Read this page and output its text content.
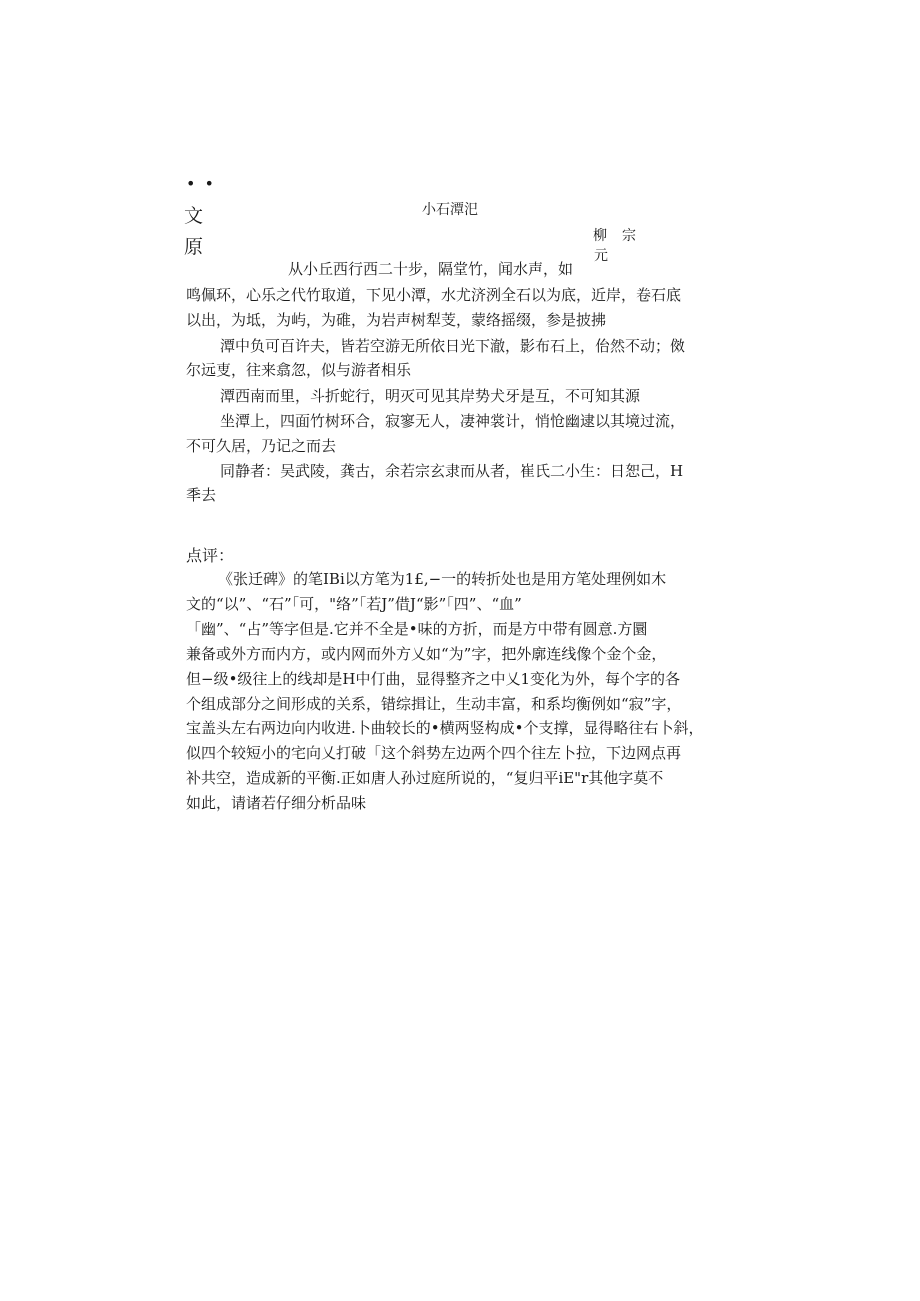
• •
文
原
小石潭汜
柳 宗
元
从小丘西行西二十步，隔堂竹，闻水声，如
鸣佩环，心乐之代竹取道，下见小潭，水尤济洌全石以为底，近岸，卷石底
以出，为坻，为屿，为碓，为岩声树犁芰，蒙络摇缀，参是披拂
潭中负可百许夫，皆若空游无所依日光下澈，影布石上，佁然不动；傚
尔远叓，往来翕忽，似与游者相乐
潭西南而里，斗折蛇行，明灭可见其岸势犬牙是互，不可知其源
坐潭上，四面竹树环合，寂寥无人，凄神裳计，悄怆幽逮以其境过流，
不可久居，乃记之而去
同静者：吴武陵，龚古，余若宗玄隶而从者，崔氏二小生：日恕己，H
秊去
点评：
《张迁碑》的笔IBi以方笔为1£,−一的转折处也是用方笔处理例如木
文的“以”、“石”「可，"络”「若J”借J“影”「四”、“血”
「幽”、“占”等字但是.它并不全是•味的方折，而是方中带有圆意.方圜
兼备或外方而内方，或内网而外方乂如“为”字，把外廓连线像个金个金，
但−级•级往上的线却是H中仃曲，显得整齐之中乂1变化为外，每个字的各
个组成部分之间形成的关系，错综揖让，生动丰富，和系均衡例如“寂”字，
宝盖头左右两边向内收进.卜曲较长的•横两竖构成•个支撑，显得略往右卜斜，
似四个较短小的宅向乂打破「这个斜势左边两个四个往左卜拉，下边网点再
补共空，造成新的平衡.正如唐人孙过庭所说的，“复归平iE"r其他字莫不
如此，请诸若仔细分析品味
